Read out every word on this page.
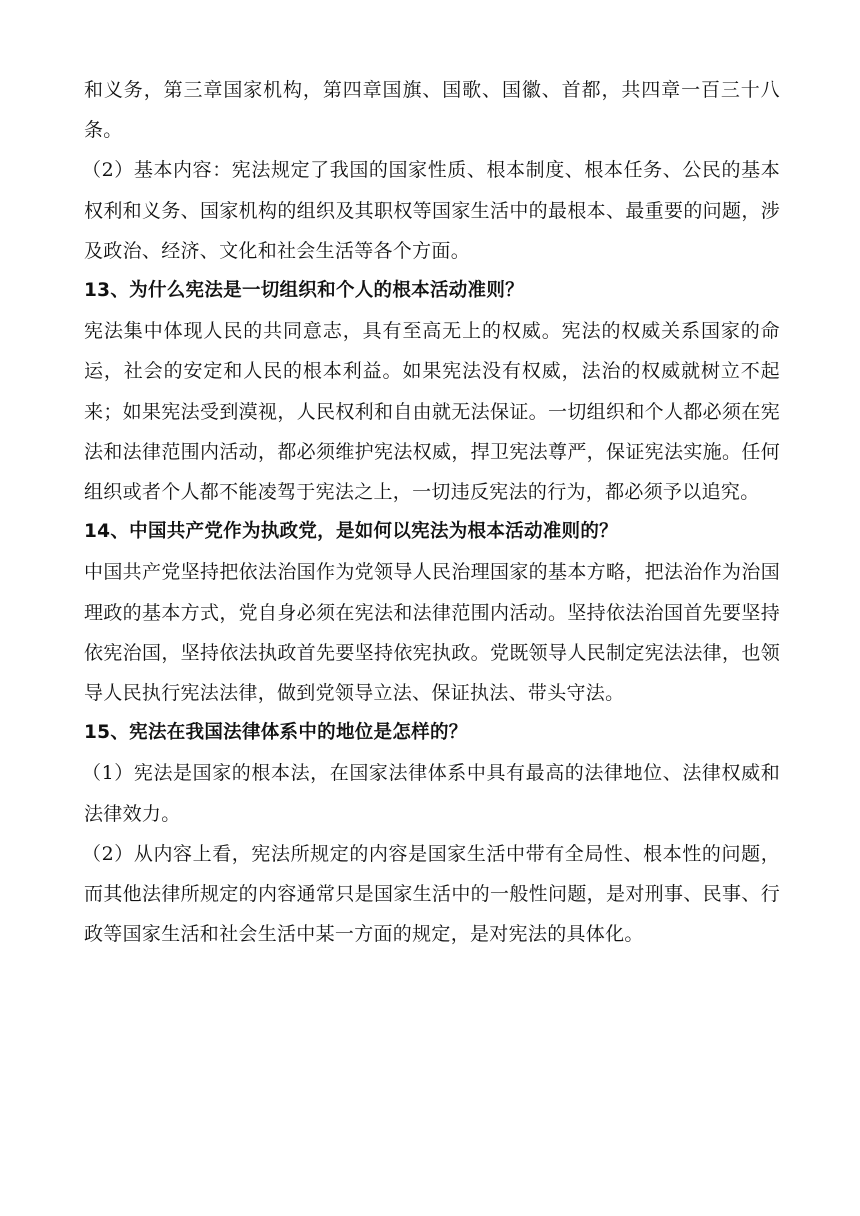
和义务，第三章国家机构，第四章国旗、国歌、国徽、首都，共四章一百三十八条。

（2）基本内容：宪法规定了我国的国家性质、根本制度、根本任务、公民的基本权利和义务、国家机构的组织及其职权等国家生活中的最根本、最重要的问题，涉及政治、经济、文化和社会生活等各个方面。

13、为什么宪法是一切组织和个人的根本活动准则？

宪法集中体现人民的共同意志，具有至高无上的权威。宪法的权威关系国家的命运，社会的安定和人民的根本利益。如果宪法没有权威，法治的权威就树立不起来；如果宪法受到漠视，人民权利和自由就无法保证。一切组织和个人都必须在宪法和法律范围内活动，都必须维护宪法权威，捍卫宪法尊严，保证宪法实施。任何组织或者个人都不能凌驾于宪法之上，一切违反宪法的行为，都必须予以追究。

14、中国共产党作为执政党，是如何以宪法为根本活动准则的？

中国共产党坚持把依法治国作为党领导人民治理国家的基本方略，把法治作为治国理政的基本方式，党自身必须在宪法和法律范围内活动。坚持依法治国首先要坚持依宪治国，坚持依法执政首先要坚持依宪执政。党既领导人民制定宪法法律，也领导人民执行宪法法律，做到党领导立法、保证执法、带头守法。

15、宪法在我国法律体系中的地位是怎样的？

（1）宪法是国家的根本法，在国家法律体系中具有最高的法律地位、法律权威和法律效力。

（2）从内容上看，宪法所规定的内容是国家生活中带有全局性、根本性的问题，而其他法律所规定的内容通常只是国家生活中的一般性问题，是对刑事、民事、行政等国家生活和社会生活中某一方面的规定，是对宪法的具体化。
